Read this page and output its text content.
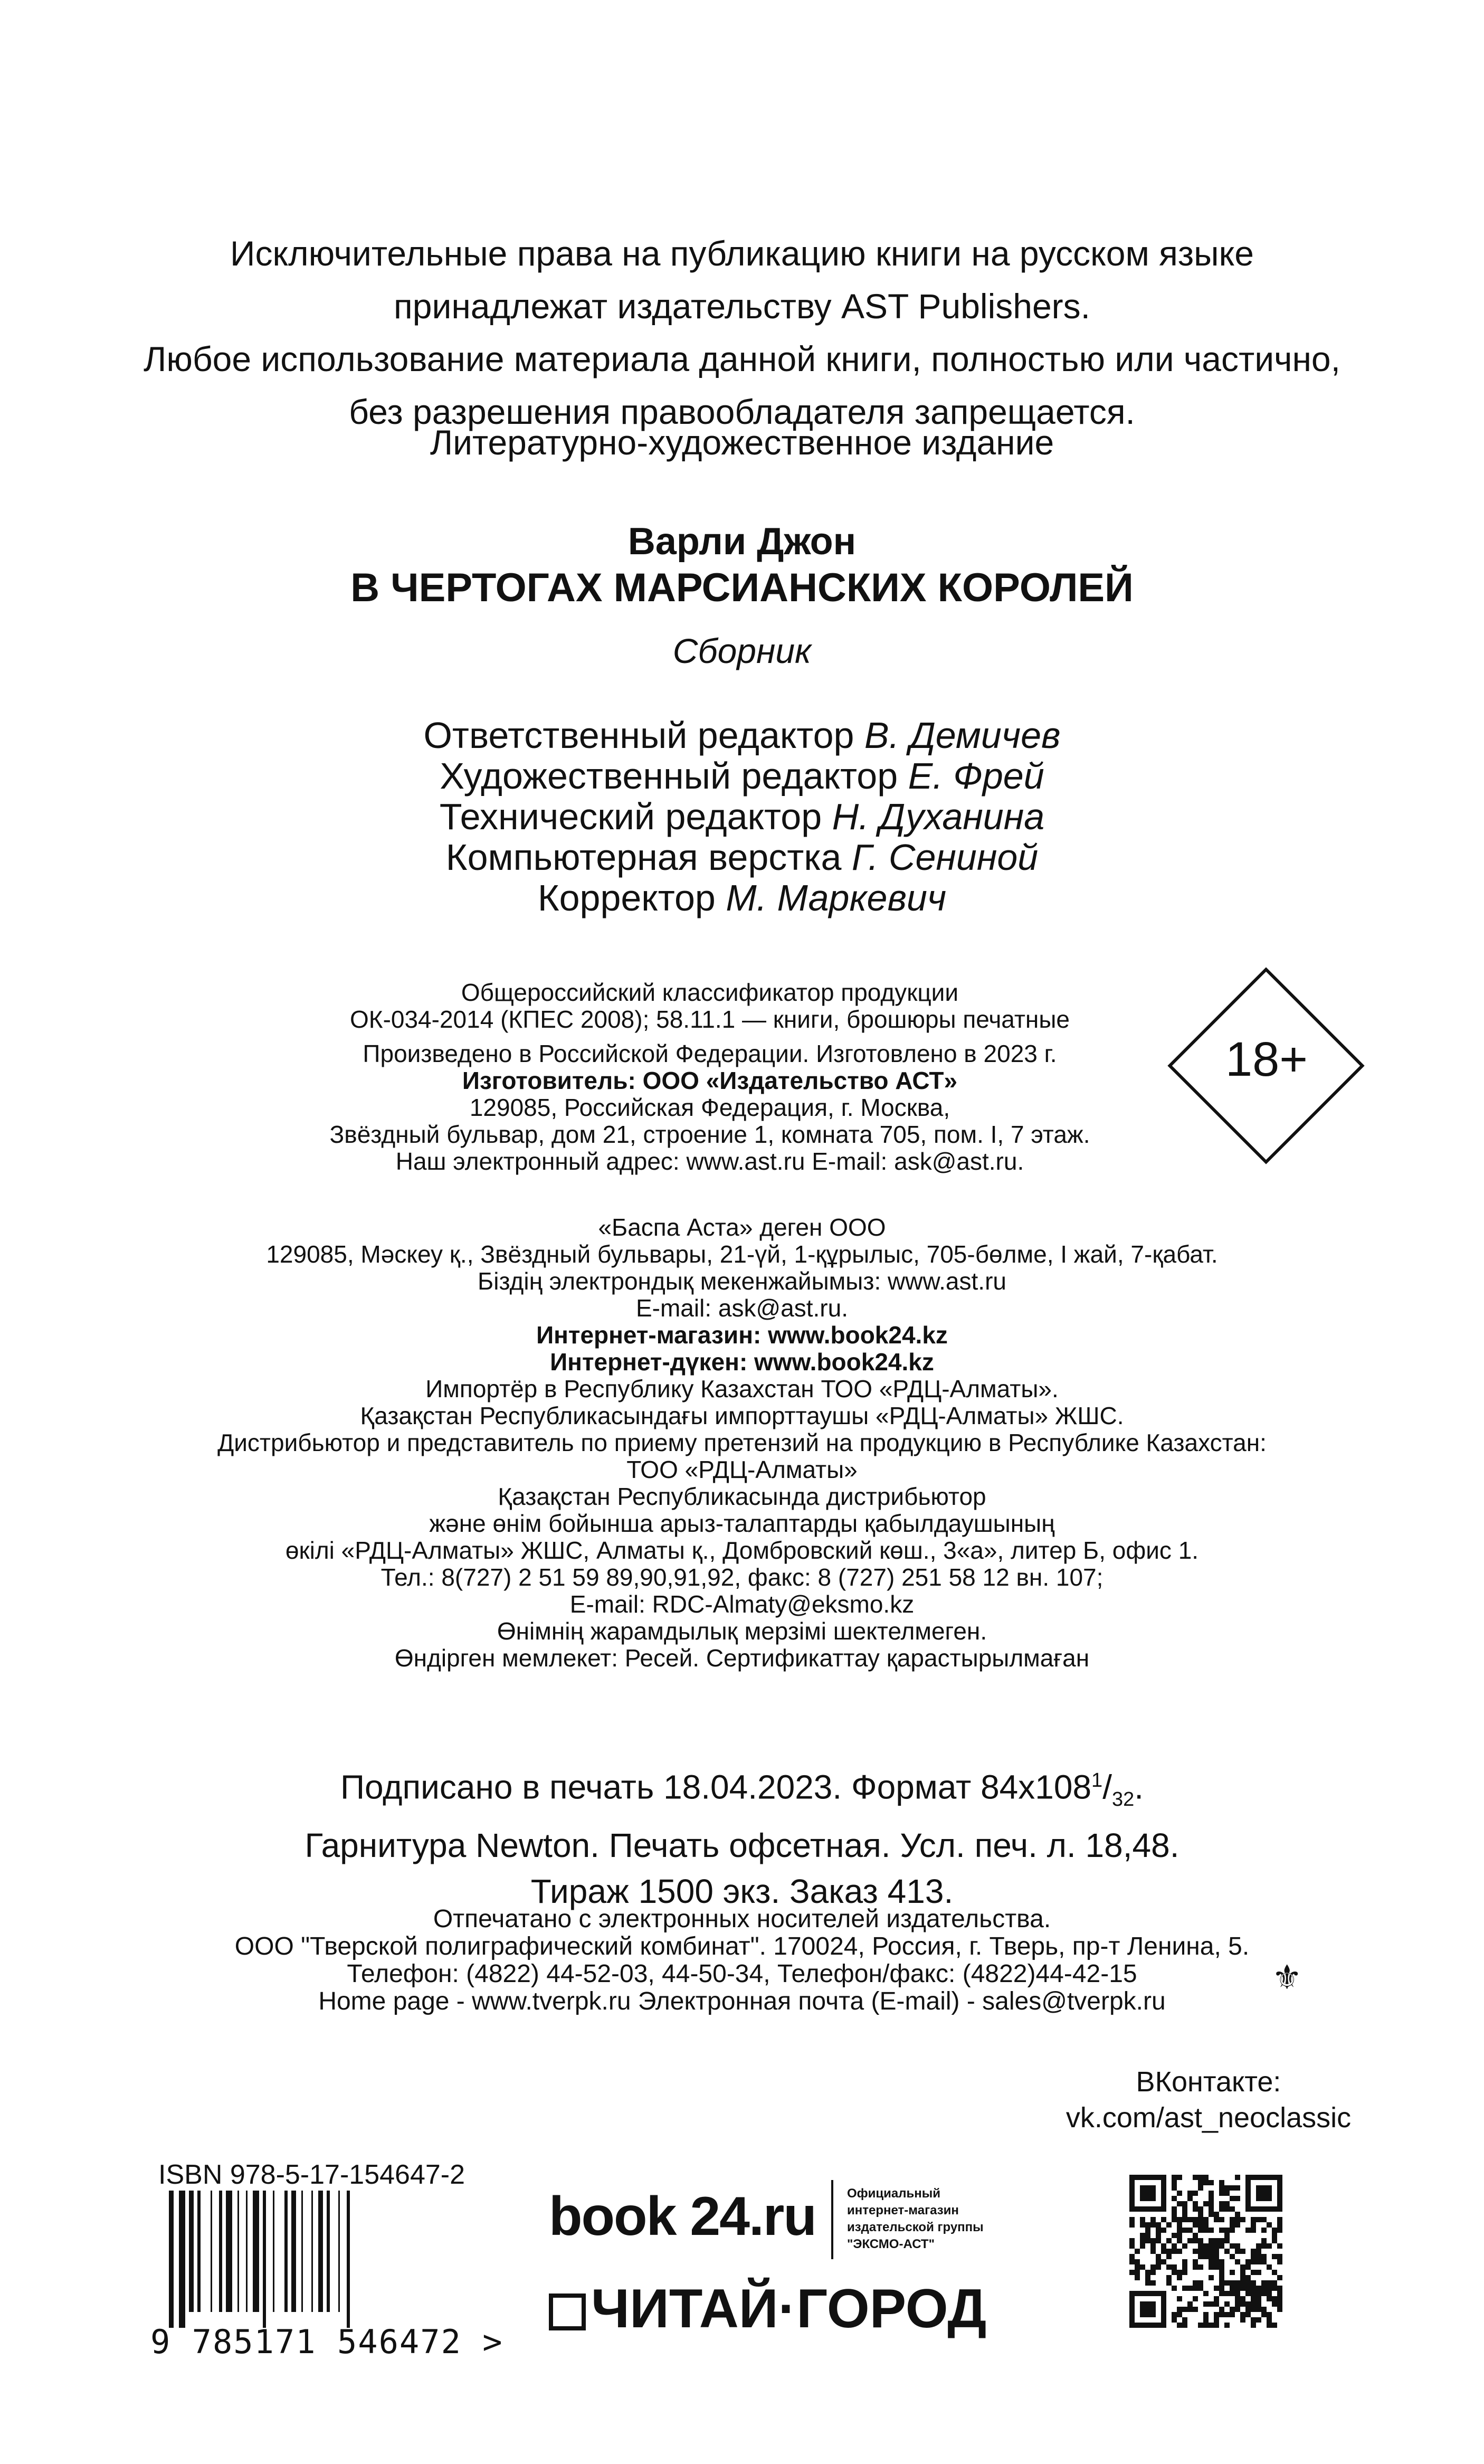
Исключительные права на публикацию книги на русском языке
принадлежат издательству AST Publishers.
Любое использование материала данной книги, полностью или частично,
без разрешения правообладателя запрещается.
Литературно-художественное издание
Варли Джон
В ЧЕРТОГАХ МАРСИАНСКИХ КОРОЛЕЙ
Сборник
Ответственный редактор В. Демичев
Художественный редактор Е. Фрей
Технический редактор Н. Духанина
Компьютерная верстка Г. Сениной
Корректор М. Маркевич
Общероссийский классификатор продукции
ОК-034-2014 (КПЕС 2008); 58.11.1 — книги, брошюры печатные
Произведено в Российской Федерации. Изготовлено в 2023 г.
Изготовитель: ООО «Издательство АСТ»
129085, Российская Федерация, г. Москва,
Звёздный бульвар, дом 21, строение 1, комната 705, пом. I, 7 этаж.
Наш электронный адрес: www.ast.ru E-mail: ask@ast.ru.
18+
«Баспа Аста» деген ООО
129085, Мәскеу қ., Звёздный бульвары, 21-үй, 1-құрылыс, 705-бөлме, I жай, 7-қабат.
Біздің электрондық мекенжайымыз: www.ast.ru
E-mail: ask@ast.ru.
Интернет-магазин: www.book24.kz
Интернет-дүкен: www.book24.kz
Импортёр в Республику Казахстан ТОО «РДЦ-Алматы».
Қазақстан Республикасындағы импорттаушы «РДЦ-Алматы» ЖШС.
Дистрибьютор и представитель по приему претензий на продукцию в Республике Казахстан:
ТОО «РДЦ-Алматы»
Қазақстан Республикасында дистрибьютор
және өнім бойынша арыз-талаптарды қабылдаушының
өкілі «РДЦ-Алматы» ЖШС, Алматы қ., Домбровский көш., 3«а», литер Б, офис 1.
Тел.: 8(727) 2 51 59 89,90,91,92, факс: 8 (727) 251 58 12 вн. 107;
E-mail: RDC-Almaty@eksmo.kz
Өнімнің жарамдылық мерзімі шектелмеген.
Өндірген мемлекет: Ресей. Сертификаттау қарастырылмаған
Подписано в печать 18.04.2023. Формат $84x108^1/_{32}$.
Гарнитура Newton. Печать офсетная. Усл. печ. л. 18,48.
Тираж 1500 экз. Заказ 413.
Отпечатано с электронных носителей издательства.
ООО "Тверской полиграфический комбинат". 170024, Россия, г. Тверь, пр-т Ленина, 5.
Телефон: (4822) 44-52-03, 44-50-34, Телефон/факс: (4822)44-42-15
Home page - www.tverpk.ru Электронная почта (E-mail) - sales@tverpk.ru
⚜
ВКонтакте:
vk.com/ast_neoclassic
ISBN 978-5-17-154647-2
9 785171 546472 >
book 24.ru Официальный
интернет-магазин
издательской группы
"ЭКСМО-АСТ"
ЧИТАЙ·ГОРОД
